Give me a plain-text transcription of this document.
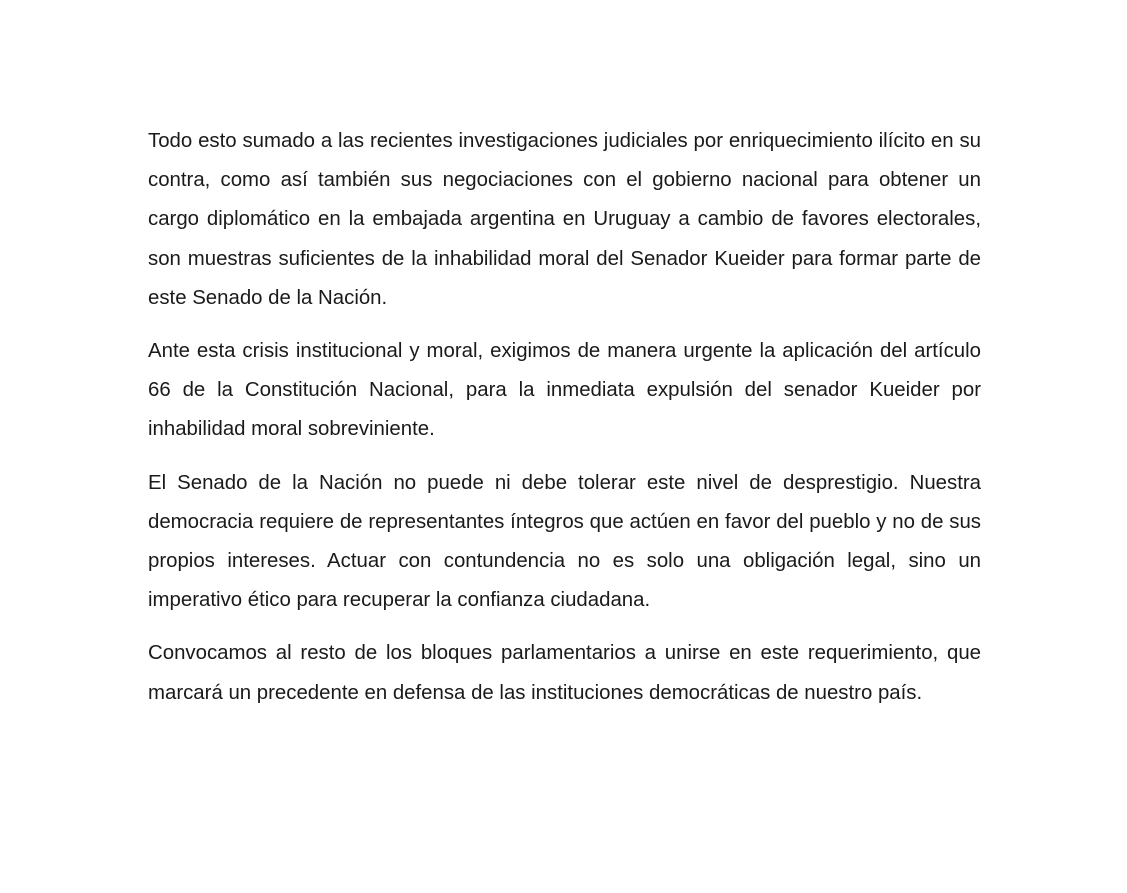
Todo esto sumado a las recientes investigaciones judiciales por enriquecimiento ilícito en su contra, como así también sus negociaciones con el gobierno nacional para obtener un cargo diplomático en la embajada argentina en Uruguay a cambio de favores electorales, son muestras suficientes de la inhabilidad moral del Senador Kueider para formar parte de este Senado de la Nación.

Ante esta crisis institucional y moral, exigimos de manera urgente la aplicación del artículo 66 de la Constitución Nacional, para la inmediata expulsión del senador Kueider por inhabilidad moral sobreviniente.

El Senado de la Nación no puede ni debe tolerar este nivel de desprestigio. Nuestra democracia requiere de representantes íntegros que actúen en favor del pueblo y no de sus propios intereses. Actuar con contundencia no es solo una obligación legal, sino un imperativo ético para recuperar la confianza ciudadana.

Convocamos al resto de los bloques parlamentarios a unirse en este requerimiento, que marcará un precedente en defensa de las instituciones democráticas de nuestro país.
